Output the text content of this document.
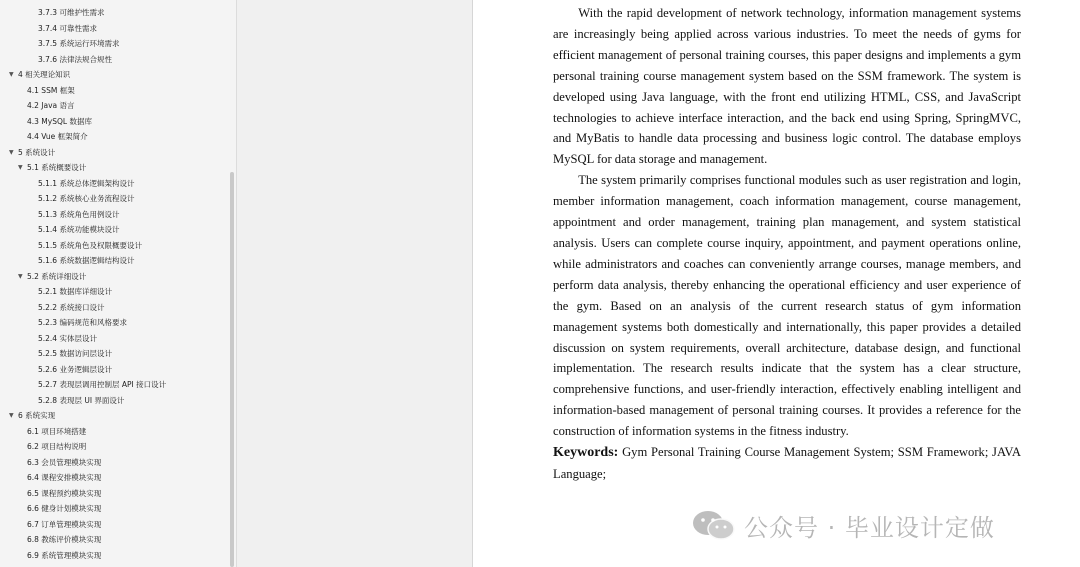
3.7.3 可维护性需求
3.7.4 可靠性需求
3.7.5 系统运行环境需求
3.7.6 法律法规合规性
▼ 4 相关理论知识
4.1 SSM 框架
4.2 Java 语言
4.3 MySQL 数据库
4.4 Vue 框架简介
▼ 5 系统设计
▼ 5.1 系统概要设计
5.1.1 系统总体逻辑架构设计
5.1.2 系统核心业务流程设计
5.1.3 系统角色用例设计
5.1.4 系统功能模块设计
5.1.5 系统角色及权限概要设计
5.1.6 系统数据逻辑结构设计
▼ 5.2 系统详细设计
5.2.1 数据库详细设计
5.2.2 系统接口设计
5.2.3 编码规范和风格要求
5.2.4 实体层设计
5.2.5 数据访问层设计
5.2.6 业务逻辑层设计
5.2.7 表现层调用控制层 API 接口设计
5.2.8 表现层 UI 界面设计
▼ 6 系统实现
6.1 项目环境搭建
6.2 项目结构说明
6.3 会员管理模块实现
6.4 课程安排模块实现
6.5 课程预约模块实现
6.6 健身计划模块实现
6.7 订单管理模块实现
6.8 教练评价模块实现
6.9 系统管理模块实现

With the rapid development of network technology, information management systems are increasingly being applied across various industries. To meet the needs of gyms for efficient management of personal training courses, this paper designs and implements a gym personal training course management system based on the SSM framework. The system is developed using Java language, with the front end utilizing HTML, CSS, and JavaScript technologies to achieve interface interaction, and the back end using Spring, SpringMVC, and MyBatis to handle data processing and business logic control. The database employs MySQL for data storage and management.

The system primarily comprises functional modules such as user registration and login, member information management, coach information management, course management, appointment and order management, training plan management, and system statistical analysis. Users can complete course inquiry, appointment, and payment operations online, while administrators and coaches can conveniently arrange courses, manage members, and perform data analysis, thereby enhancing the operational efficiency and user experience of the gym. Based on an analysis of the current research status of gym information management systems both domestically and internationally, this paper provides a detailed discussion on system requirements, overall architecture, database design, and functional implementation. The research results indicate that the system has a clear structure, comprehensive functions, and user-friendly interaction, effectively enabling intelligent and information-based management of personal training courses. It provides a reference for the construction of information systems in the fitness industry.

Keywords: Gym Personal Training Course Management System; SSM Framework; JAVA Language;

公众号 · 毕业设计定做
